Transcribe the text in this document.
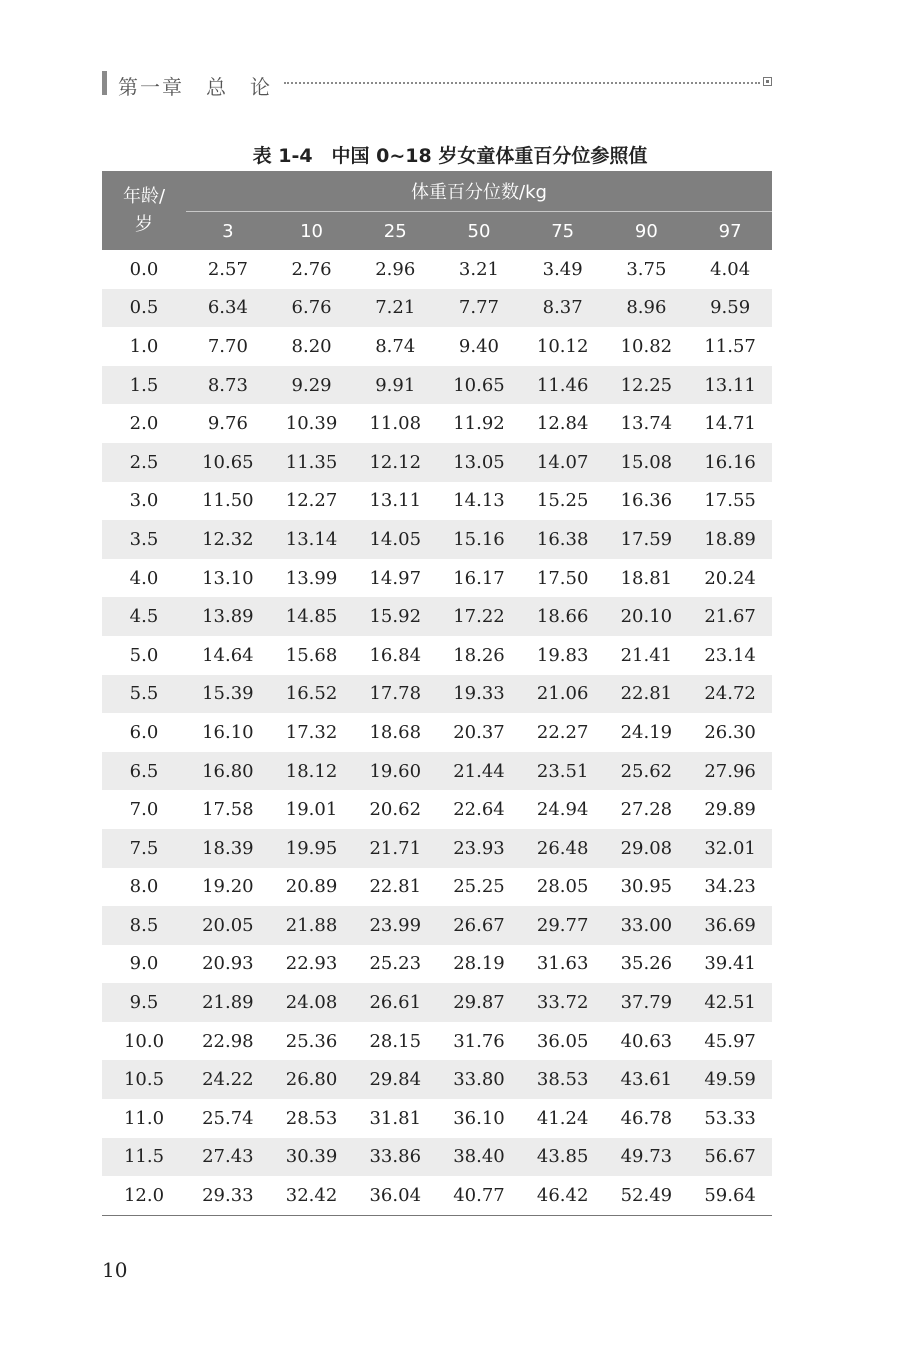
第一章　总　论
表 1-4　中国 0~18 岁女童体重百分位参照值
年龄/
岁	体重百分位数/kg						
	3	10	25	50	75	90	97
0.0	2.57	2.76	2.96	3.21	3.49	3.75	4.04
0.5	6.34	6.76	7.21	7.77	8.37	8.96	9.59
1.0	7.70	8.20	8.74	9.40	10.12	10.82	11.57
1.5	8.73	9.29	9.91	10.65	11.46	12.25	13.11
2.0	9.76	10.39	11.08	11.92	12.84	13.74	14.71
2.5	10.65	11.35	12.12	13.05	14.07	15.08	16.16
3.0	11.50	12.27	13.11	14.13	15.25	16.36	17.55
3.5	12.32	13.14	14.05	15.16	16.38	17.59	18.89
4.0	13.10	13.99	14.97	16.17	17.50	18.81	20.24
4.5	13.89	14.85	15.92	17.22	18.66	20.10	21.67
5.0	14.64	15.68	16.84	18.26	19.83	21.41	23.14
5.5	15.39	16.52	17.78	19.33	21.06	22.81	24.72
6.0	16.10	17.32	18.68	20.37	22.27	24.19	26.30
6.5	16.80	18.12	19.60	21.44	23.51	25.62	27.96
7.0	17.58	19.01	20.62	22.64	24.94	27.28	29.89
7.5	18.39	19.95	21.71	23.93	26.48	29.08	32.01
8.0	19.20	20.89	22.81	25.25	28.05	30.95	34.23
8.5	20.05	21.88	23.99	26.67	29.77	33.00	36.69
9.0	20.93	22.93	25.23	28.19	31.63	35.26	39.41
9.5	21.89	24.08	26.61	29.87	33.72	37.79	42.51
10.0	22.98	25.36	28.15	31.76	36.05	40.63	45.97
10.5	24.22	26.80	29.84	33.80	38.53	43.61	49.59
11.0	25.74	28.53	31.81	36.10	41.24	46.78	53.33
11.5	27.43	30.39	33.86	38.40	43.85	49.73	56.67
12.0	29.33	32.42	36.04	40.77	46.42	52.49	59.64
10
